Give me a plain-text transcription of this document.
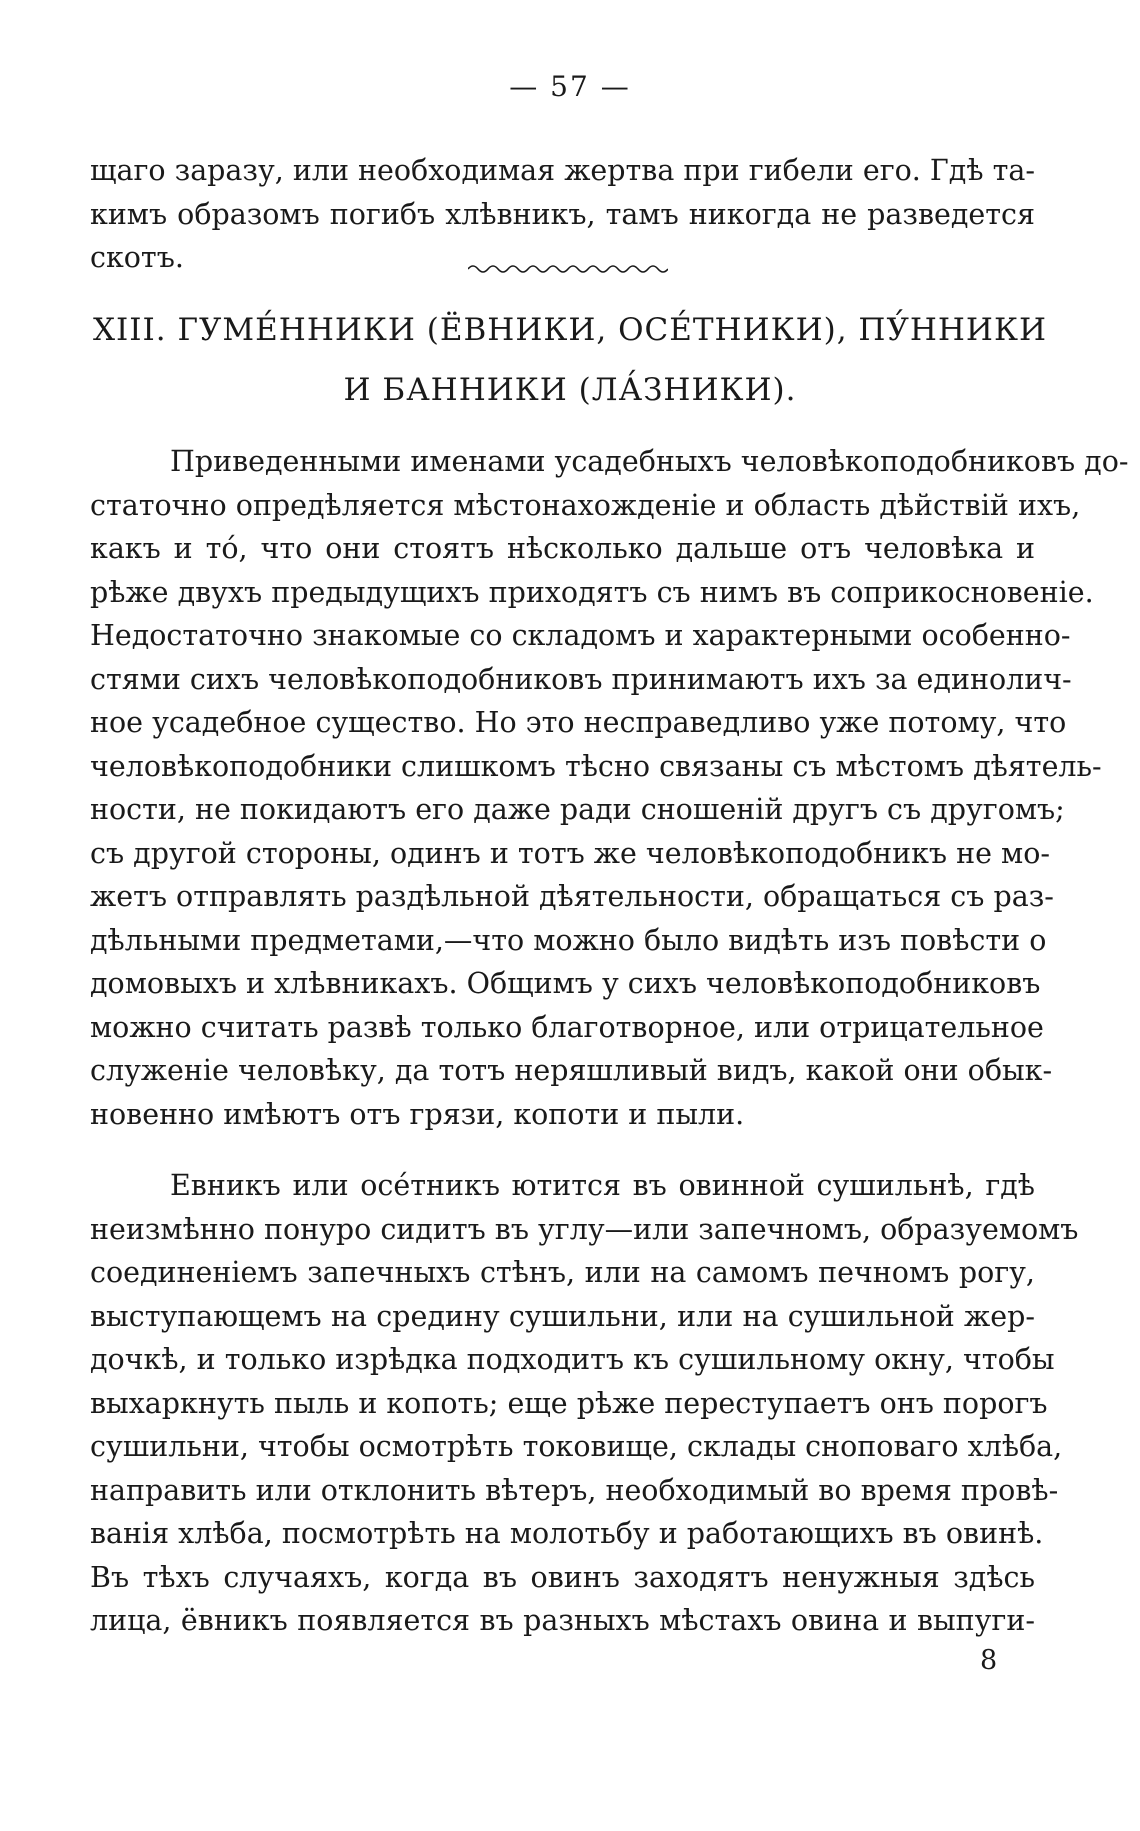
— 57 —
щаго заразу, или необходимая жертва при гибели его. Гдѣ та-
кимъ образомъ погибъ хлѣвникъ, тамъ никогда не разведется
скотъ.
XIII. ГУМЕ́ННИКИ (ЁВНИКИ, ОСЕ́ТНИКИ), ПУ́ННИКИ
И БАННИКИ (ЛА́ЗНИКИ).
Приведенными именами усадебныхъ человѣкоподобниковъ до-
статочно опредѣляется мѣстонахожденіе и область дѣйствій ихъ,
какъ и то́, что они стоятъ нѣсколько дальше отъ человѣка и
рѣже двухъ предыдущихъ приходятъ съ нимъ въ соприкосновеніе.
Недостаточно знакомые со складомъ и характерными особенно-
стями сихъ человѣкоподобниковъ принимаютъ ихъ за единолич-
ное усадебное существо. Но это несправедливо уже потому, что
человѣкоподобники слишкомъ тѣсно связаны съ мѣстомъ дѣятель-
ности, не покидаютъ его даже ради сношеній другъ съ другомъ;
съ другой стороны, одинъ и тотъ же человѣкоподобникъ не мо-
жетъ отправлять раздѣльной дѣятельности, обращаться съ раз-
дѣльными предметами,—что можно было видѣть изъ повѣсти о
домовыхъ и хлѣвникахъ. Общимъ у сихъ человѣкоподобниковъ
можно считать развѣ только благотворное, или отрицательное
служеніе человѣку, да тотъ неряшливый видъ, какой они обык-
новенно имѣютъ отъ грязи, копоти и пыли.
Евникъ или осе́тникъ ютится въ овинной сушильнѣ, гдѣ
неизмѣнно понуро сидитъ въ углу—или запечномъ, образуемомъ
соединеніемъ запечныхъ стѣнъ, или на самомъ печномъ рогу,
выступающемъ на средину сушильни, или на сушильной жер-
дочкѣ, и только изрѣдка подходитъ къ сушильному окну, чтобы
выхаркнуть пыль и копоть; еще рѣже переступаетъ онъ порогъ
сушильни, чтобы осмотрѣть токовище, склады сноповаго хлѣба,
направить или отклонить вѣтеръ, необходимый во время провѣ-
ванія хлѣба, посмотрѣть на молотьбу и работающихъ въ овинѣ.
Въ тѣхъ случаяхъ, когда въ овинъ заходятъ ненужныя здѣсь
лица, ёвникъ появляется въ разныхъ мѣстахъ овина и выпуги-
8
